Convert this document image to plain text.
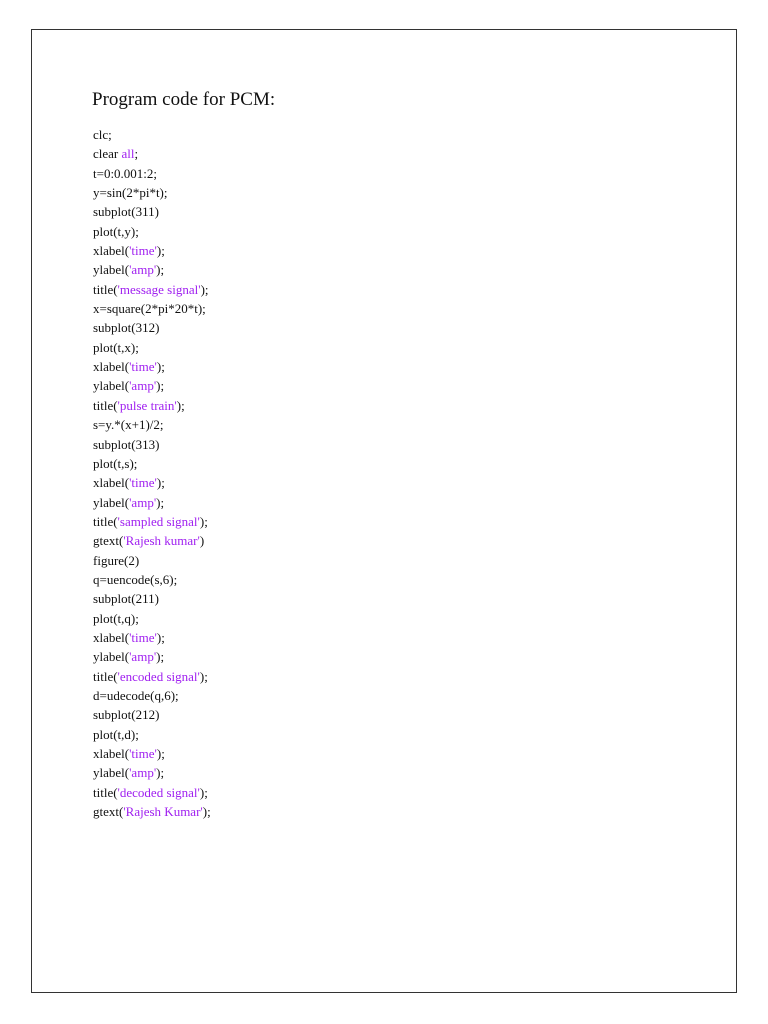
Program code for PCM:
clc;
clear all;
t=0:0.001:2;
y=sin(2*pi*t);
subplot(311)
plot(t,y);
xlabel('time');
ylabel('amp');
title('message signal');
x=square(2*pi*20*t);
subplot(312)
plot(t,x);
xlabel('time');
ylabel('amp');
title('pulse train');
s=y.*(x+1)/2;
subplot(313)
plot(t,s);
xlabel('time');
ylabel('amp');
title('sampled signal');
gtext('Rajesh kumar')
figure(2)
q=uencode(s,6);
subplot(211)
plot(t,q);
xlabel('time');
ylabel('amp');
title('encoded signal');
d=udecode(q,6);
subplot(212)
plot(t,d);
xlabel('time');
ylabel('amp');
title('decoded signal');
gtext('Rajesh Kumar');
